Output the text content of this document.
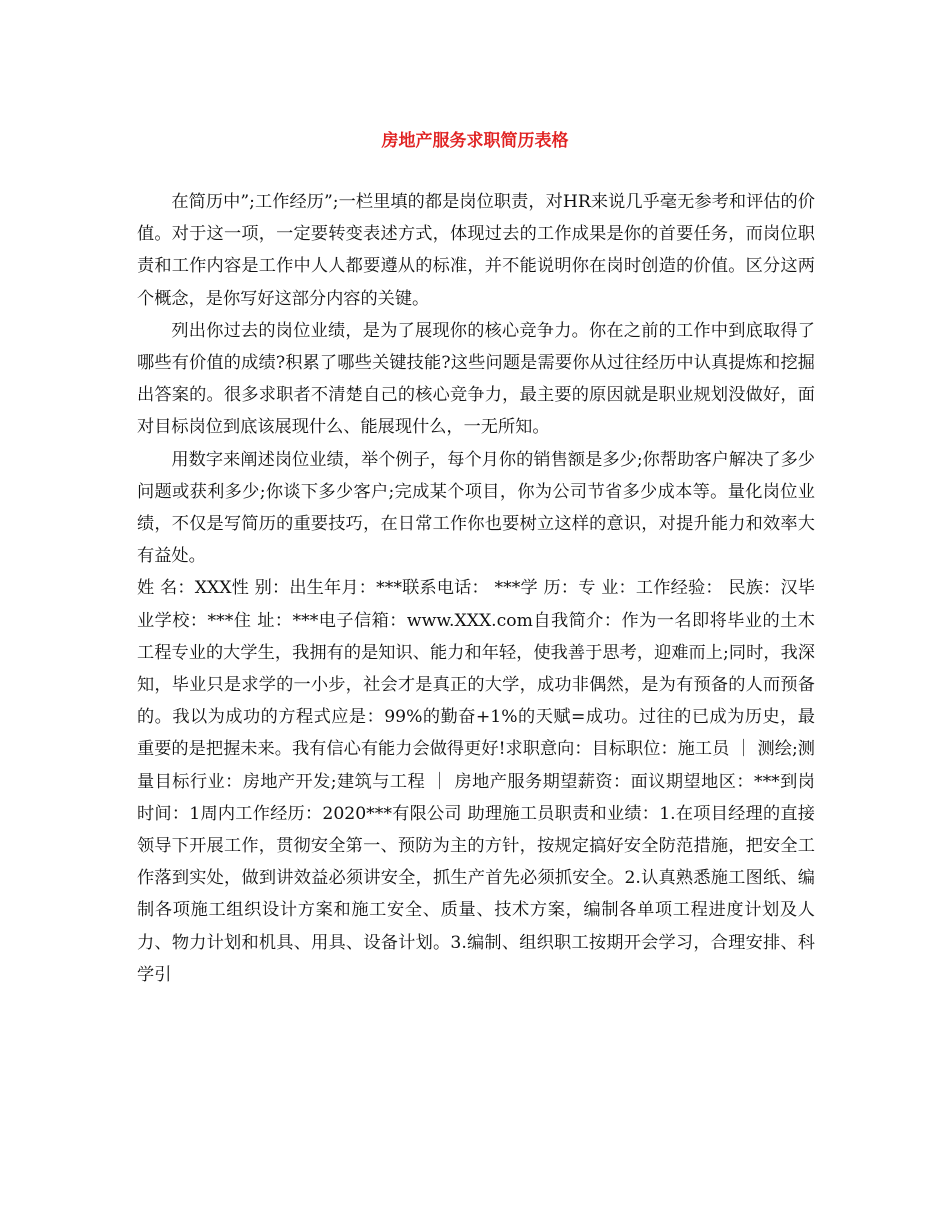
房地产服务求职简历表格

在简历中”;工作经历”;一栏里填的都是岗位职责，对HR来说几乎毫无参考和评估的价值。对于这一项，一定要转变表述方式，体现过去的工作成果是你的首要任务，而岗位职责和工作内容是工作中人人都要遵从的标准，并不能说明你在岗时创造的价值。区分这两个概念，是你写好这部分内容的关键。

列出你过去的岗位业绩，是为了展现你的核心竞争力。你在之前的工作中到底取得了哪些有价值的成绩?积累了哪些关键技能?这些问题是需要你从过往经历中认真提炼和挖掘出答案的。很多求职者不清楚自己的核心竞争力，最主要的原因就是职业规划没做好，面对目标岗位到底该展现什么、能展现什么，一无所知。

用数字来阐述岗位业绩，举个例子，每个月你的销售额是多少;你帮助客户解决了多少问题或获利多少;你谈下多少客户;完成某个项目，你为公司节省多少成本等。量化岗位业绩，不仅是写简历的重要技巧，在日常工作你也要树立这样的意识，对提升能力和效率大有益处。

姓 名：XXX性 别：出生年月：***联系电话： ***学 历：专 业：工作经验： 民族：汉毕业学校：***住 址：***电子信箱：www.XXX.com自我简介：作为一名即将毕业的土木工程专业的大学生，我拥有的是知识、能力和年轻，使我善于思考，迎难而上;同时，我深知，毕业只是求学的一小步，社会才是真正的大学，成功非偶然，是为有预备的人而预备的。我以为成功的方程式应是：99%的勤奋+1%的天赋=成功。过往的已成为历史，最重要的是把握未来。我有信心有能力会做得更好!求职意向：目标职位：施工员 ｜ 测绘;测量目标行业：房地产开发;建筑与工程 ｜ 房地产服务期望薪资：面议期望地区：***到岗时间：1周内工作经历：2020***有限公司 助理施工员职责和业绩：1.在项目经理的直接领导下开展工作，贯彻安全第一、预防为主的方针，按规定搞好安全防范措施，把安全工作落到实处，做到讲效益必须讲安全，抓生产首先必须抓安全。2.认真熟悉施工图纸、编制各项施工组织设计方案和施工安全、质量、技术方案，编制各单项工程进度计划及人力、物力计划和机具、用具、设备计划。3.编制、组织职工按期开会学习，合理安排、科学引
